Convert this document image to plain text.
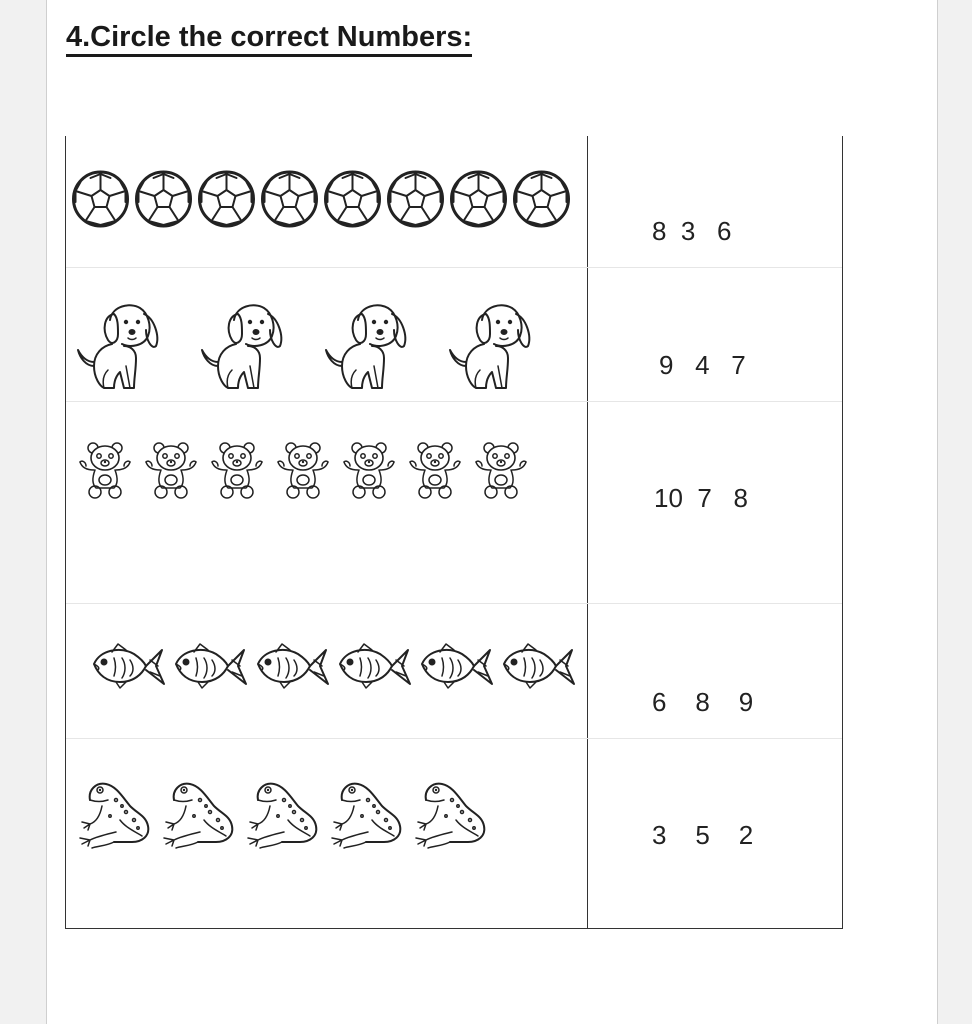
4.Circle the correct Numbers:
8  3   6
9   4   7
10  7   8
6    8    9
3    5    2
